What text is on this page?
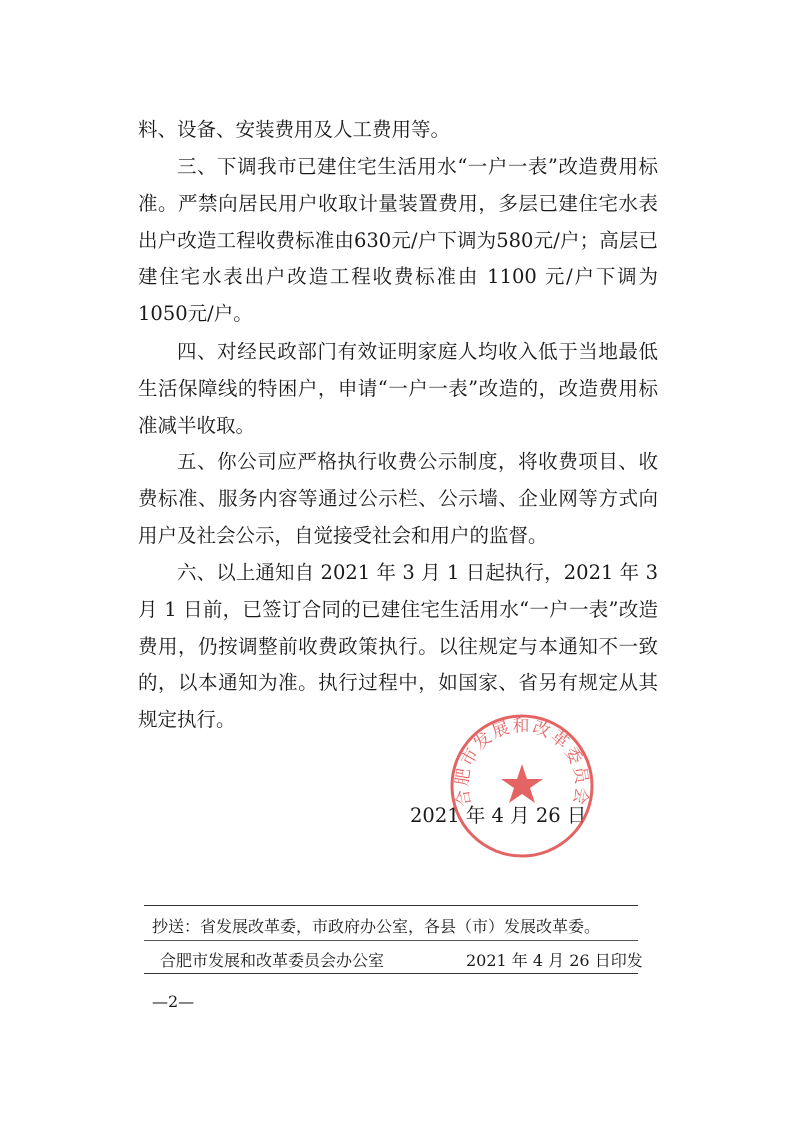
料、设备、安装费用及人工费用等。

三、下调我市已建住宅生活用水“一户一表”改造费用标准。严禁向居民用户收取计量装置费用，多层已建住宅水表出户改造工程收费标准由630元/户下调为580元/户；高层已建住宅水表出户改造工程收费标准由 1100 元/户下调为1050元/户。

四、对经民政部门有效证明家庭人均收入低于当地最低生活保障线的特困户，申请“一户一表”改造的，改造费用标准减半收取。

五、你公司应严格执行收费公示制度，将收费项目、收费标准、服务内容等通过公示栏、公示墙、企业网等方式向用户及社会公示，自觉接受社会和用户的监督。

六、以上通知自 2021 年 3 月 1 日起执行，2021 年 3 月 1 日前，已签订合同的已建住宅生活用水“一户一表”改造费用，仍按调整前收费政策执行。以往规定与本通知不一致的，以本通知为准。执行过程中，如国家、省另有规定从其规定执行。

2021 年 4 月 26 日
合肥市发展和改革委员会
抄送：省发展改革委，市政府办公室，各县（市）发展改革委。
合肥市发展和改革委员会办公室	2021 年 4 月 26 日印发
—2—
